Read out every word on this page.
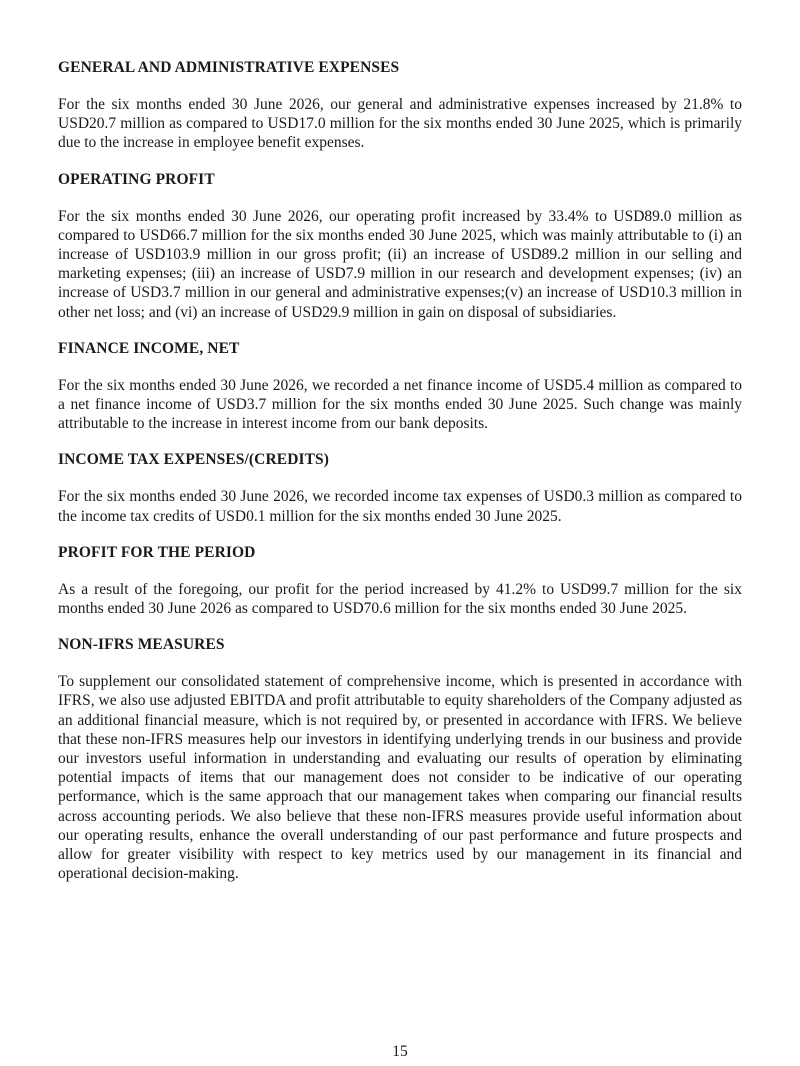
GENERAL AND ADMINISTRATIVE EXPENSES

For the six months ended 30 June 2026, our general and administrative expenses increased by 21.8% to USD20.7 million as compared to USD17.0 million for the six months ended 30 June 2025, which is primarily due to the increase in employee benefit expenses.

OPERATING PROFIT

For the six months ended 30 June 2026, our operating profit increased by 33.4% to USD89.0 million as compared to USD66.7 million for the six months ended 30 June 2025, which was mainly attributable to (i) an increase of USD103.9 million in our gross profit; (ii) an increase of USD89.2 million in our selling and marketing expenses; (iii) an increase of USD7.9 million in our research and development expenses; (iv) an increase of USD3.7 million in our general and administrative expenses;(v) an increase of USD10.3 million in other net loss; and (vi) an increase of USD29.9 million in gain on disposal of subsidiaries.

FINANCE INCOME, NET

For the six months ended 30 June 2026, we recorded a net finance income of USD5.4 million as compared to a net finance income of USD3.7 million for the six months ended 30 June 2025. Such change was mainly attributable to the increase in interest income from our bank deposits.

INCOME TAX EXPENSES/(CREDITS)

For the six months ended 30 June 2026, we recorded income tax expenses of USD0.3 million as compared to the income tax credits of USD0.1 million for the six months ended 30 June 2025.

PROFIT FOR THE PERIOD

As a result of the foregoing, our profit for the period increased by 41.2% to USD99.7 million for the six months ended 30 June 2026 as compared to USD70.6 million for the six months ended 30 June 2025.

NON-IFRS MEASURES

To supplement our consolidated statement of comprehensive income, which is presented in accordance with IFRS, we also use adjusted EBITDA and profit attributable to equity shareholders of the Company adjusted as an additional financial measure, which is not required by, or presented in accordance with IFRS. We believe that these non-IFRS measures help our investors in identifying underlying trends in our business and provide our investors useful information in understanding and evaluating our results of operation by eliminating potential impacts of items that our management does not consider to be indicative of our operating performance, which is the same approach that our management takes when comparing our financial results across accounting periods. We also believe that these non-IFRS measures provide useful information about our operating results, enhance the overall understanding of our past performance and future prospects and allow for greater visibility with respect to key metrics used by our management in its financial and operational decision-making.

15
